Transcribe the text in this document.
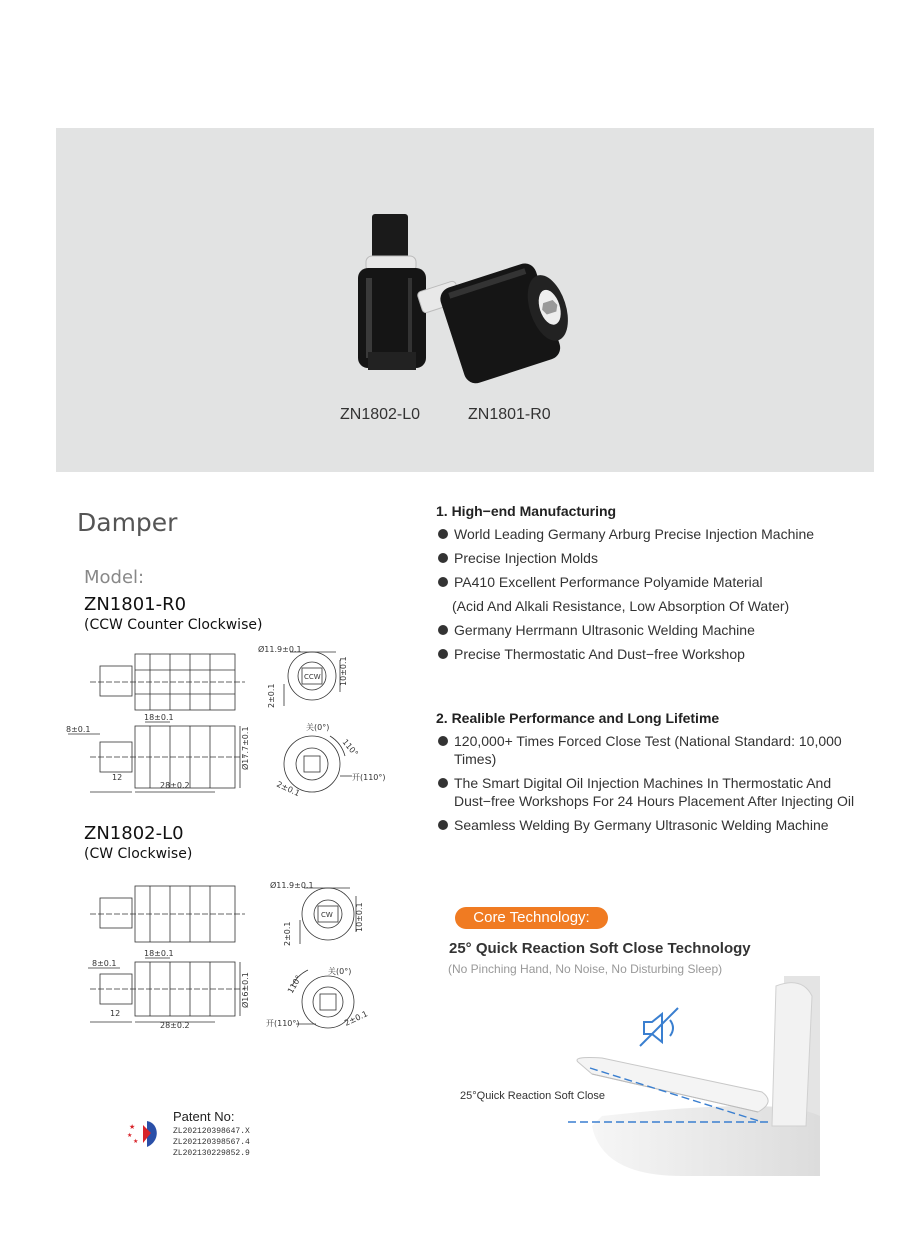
ZN1802-L0	ZN1801-R0
Damper
Model:
ZN1801-R0
(CCW Counter Clockwise)
Ø11.9±0.1
10±0.1
2±0.1
CCW
18±0.1
8±0.1	Ø17.7±0.1
12
28±0.2
关(0°)
110°
开(110°)
2±0.1
ZN1802-L0
(CW Clockwise)
Ø11.9±0.1
10±0.1
2±0.1
CW
18±0.1
8±0.1
Ø16±0.1
12
28±0.2
关(0°)
110°
开(110°)	2±0.1
★
★
★
Patent No:
ZL202120398647.X
ZL202120398567.4
ZL202130229852.9
1. High−end Manufacturing
World Leading Germany Arburg Precise Injection Machine
Precise Injection Molds
PA410 Excellent Performance Polyamide Material
(Acid And Alkali Resistance, Low Absorption Of Water)
Germany Herrmann Ultrasonic Welding Machine
Precise Thermostatic And Dust−free Workshop
2. Realible Performance and Long Lifetime
120,000+ Times Forced Close Test (National Standard: 10,000 Times)
The Smart Digital Oil Injection Machines In Thermostatic And Dust−free Workshops For 24 Hours Placement After Injecting Oil
Seamless Welding By Germany Ultrasonic Welding Machine
Core Technology:
25° Quick Reaction Soft Close Technology
(No Pinching Hand, No Noise, No Disturbing Sleep)
25°Quick Reaction Soft Close
